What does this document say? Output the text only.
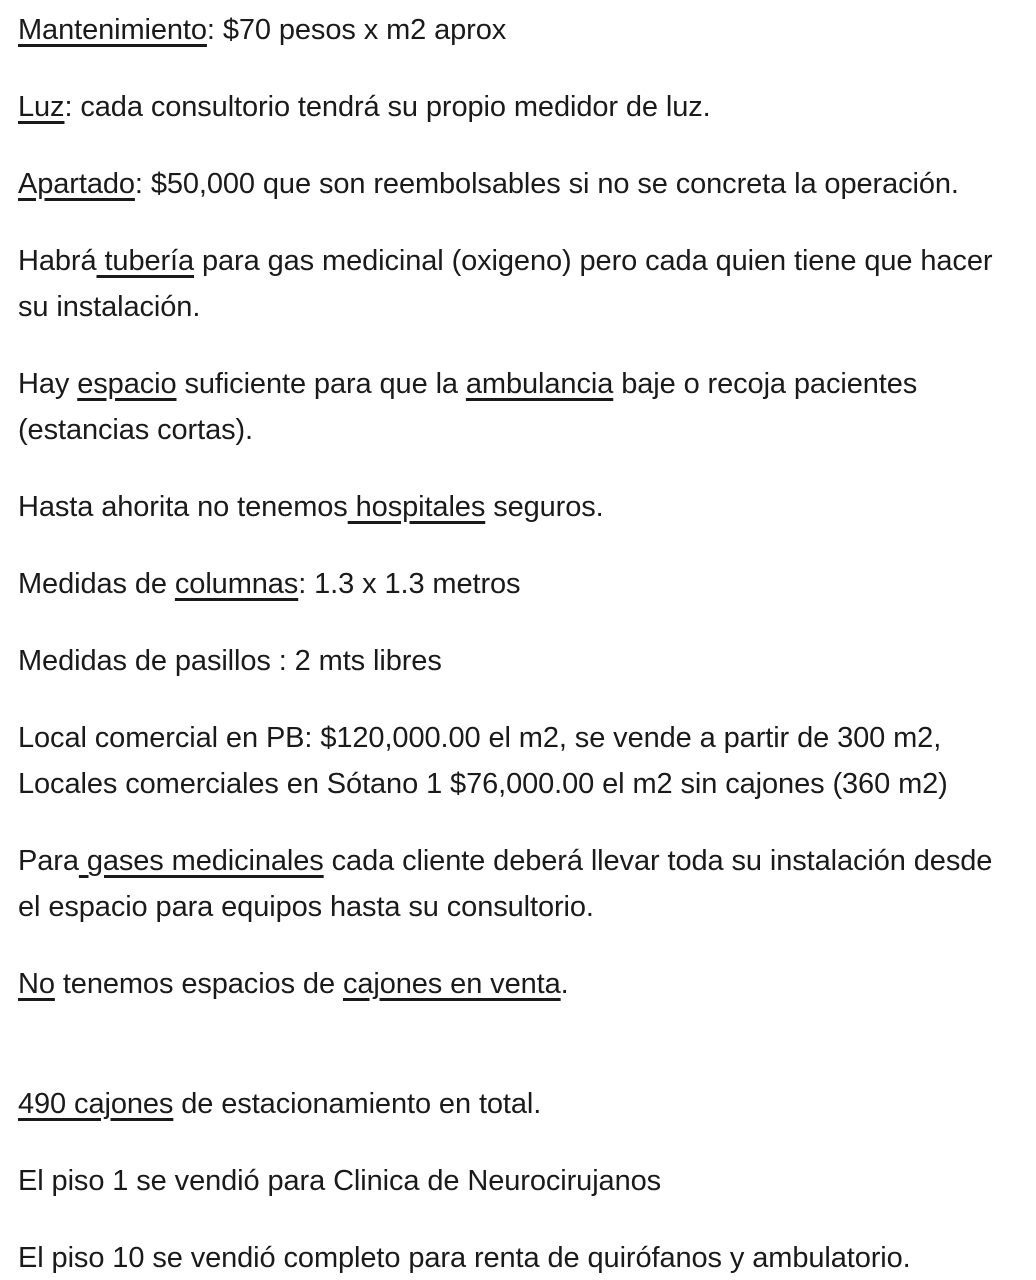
Mantenimiento: $70 pesos x m2 aprox

Luz: cada consultorio tendrá su propio medidor de luz.

Apartado: $50,000 que son reembolsables si no se concreta la operación.

Habrá tubería para gas medicinal (oxigeno) pero cada quien tiene que hacer su instalación.

Hay espacio suficiente para que la ambulancia baje o recoja pacientes (estancias cortas).

Hasta ahorita no tenemos hospitales seguros.

Medidas de columnas: 1.3 x 1.3 metros

Medidas de pasillos : 2 mts libres

Local comercial en PB: $120,000.00 el m2, se vende a partir de 300 m2, Locales comerciales en Sótano 1 $76,000.00 el m2 sin cajones (360 m2)

Para gases medicinales cada cliente deberá llevar toda su instalación desde el espacio para equipos hasta su consultorio.

No tenemos espacios de cajones en venta.

490 cajones de estacionamiento en total.

El piso 1 se vendió para Clinica de Neurocirujanos

El piso 10 se vendió completo para renta de quirófanos y ambulatorio.
